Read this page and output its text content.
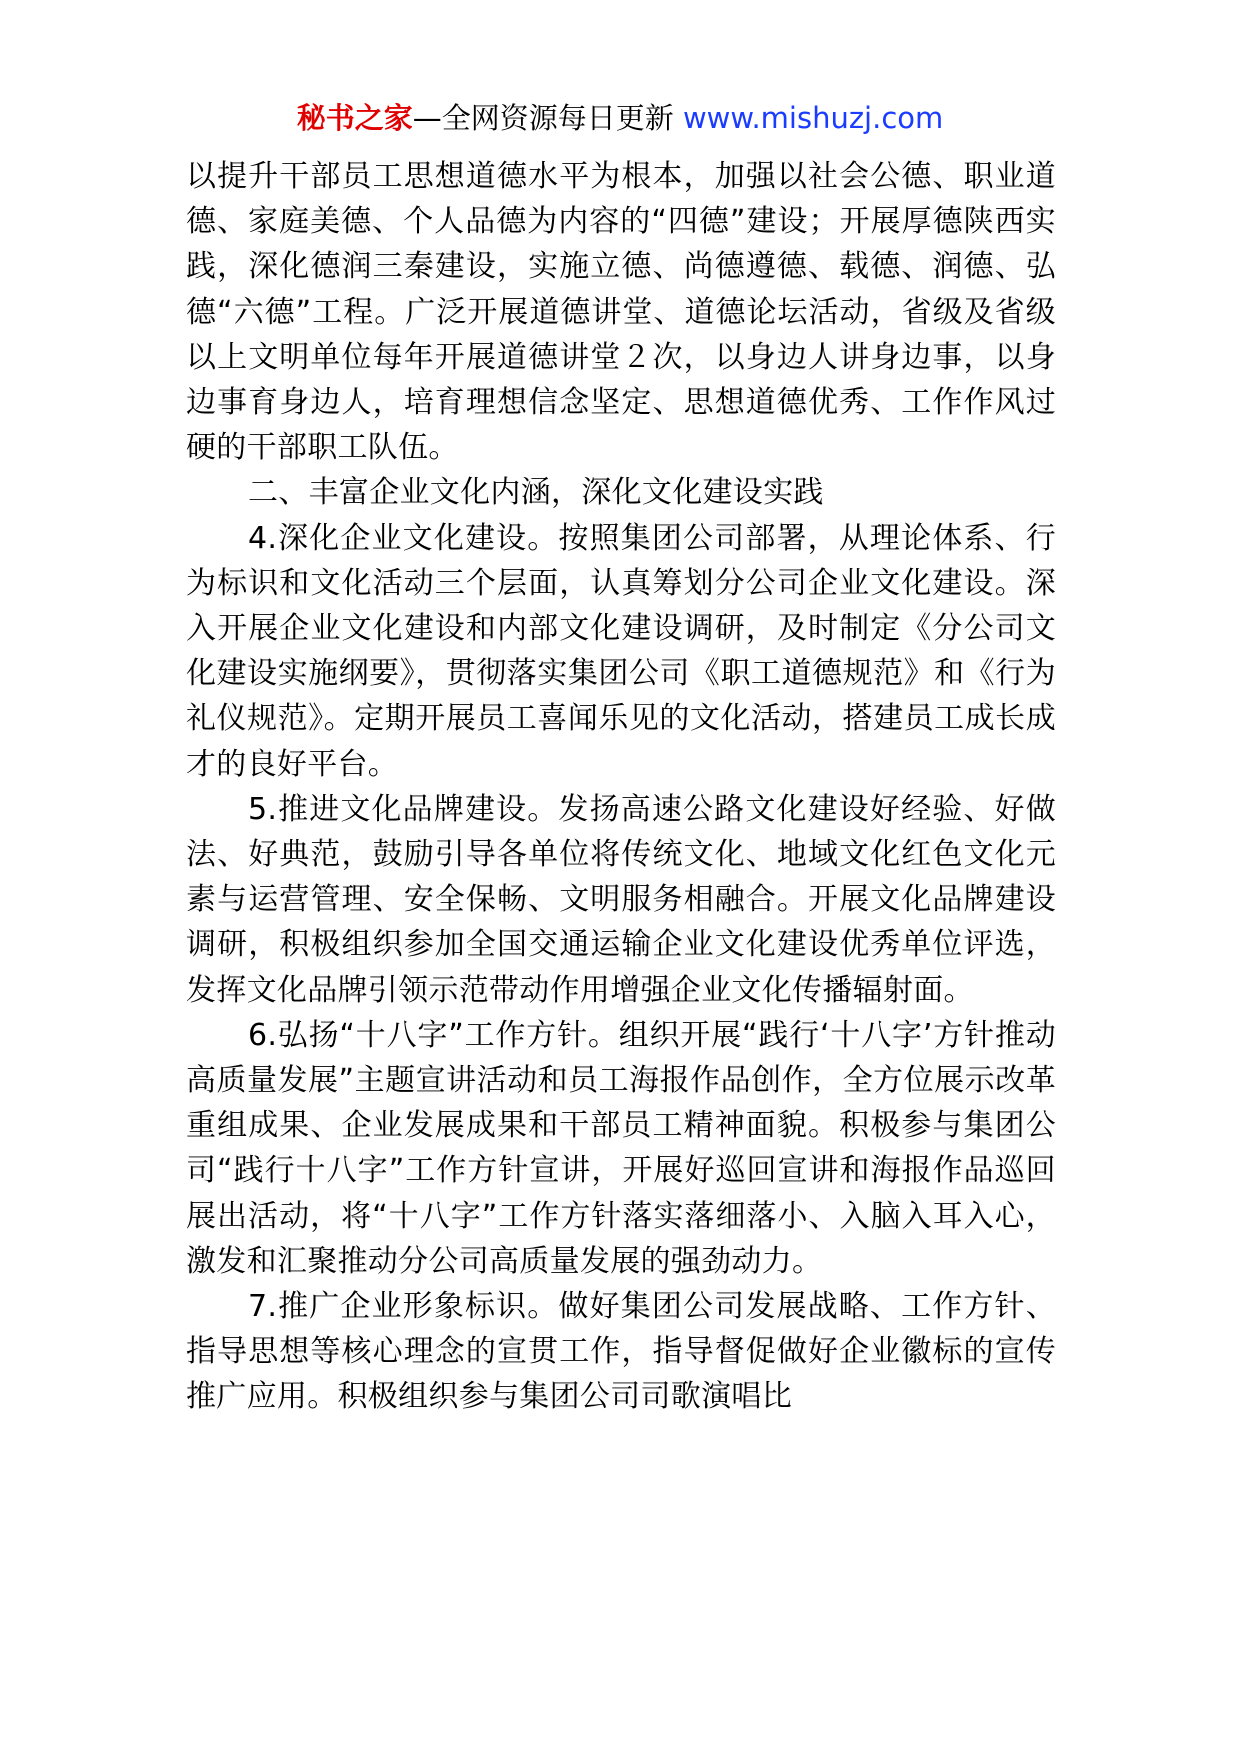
秘书之家—全网资源每日更新 www.mishuzj.com

以提升干部员工思想道德水平为根本，加强以社会公德、职业道德、家庭美德、个人品德为内容的“四德”建设；开展厚德陕西实践，深化德润三秦建设，实施立德、尚德遵德、载德、润德、弘德“六德”工程。广泛开展道德讲堂、道德论坛活动，省级及省级以上文明单位每年开展道德讲堂２次，以身边人讲身边事，以身边事育身边人，培育理想信念坚定、思想道德优秀、工作作风过硬的干部职工队伍。

二、丰富企业文化内涵，深化文化建设实践

4.深化企业文化建设。按照集团公司部署，从理论体系、行为标识和文化活动三个层面，认真筹划分公司企业文化建设。深入开展企业文化建设和内部文化建设调研，及时制定《分公司文化建设实施纲要》，贯彻落实集团公司《职工道德规范》和《行为礼仪规范》。定期开展员工喜闻乐见的文化活动，搭建员工成长成才的良好平台。

5.推进文化品牌建设。发扬高速公路文化建设好经验、好做法、好典范，鼓励引导各单位将传统文化、地域文化红色文化元素与运营管理、安全保畅、文明服务相融合。开展文化品牌建设调研，积极组织参加全国交通运输企业文化建设优秀单位评选，发挥文化品牌引领示范带动作用增强企业文化传播辐射面。

6.弘扬“十八字”工作方针。组织开展“践行‘十八字’方针推动高质量发展”主题宣讲活动和员工海报作品创作，全方位展示改革重组成果、企业发展成果和干部员工精神面貌。积极参与集团公司“践行十八字”工作方针宣讲，开展好巡回宣讲和海报作品巡回展出活动，将“十八字”工作方针落实落细落小、入脑入耳入心，激发和汇聚推动分公司高质量发展的强劲动力。

7.推广企业形象标识。做好集团公司发展战略、工作方针、指导思想等核心理念的宣贯工作，指导督促做好企业徽标的宣传推广应用。积极组织参与集团公司司歌演唱比
